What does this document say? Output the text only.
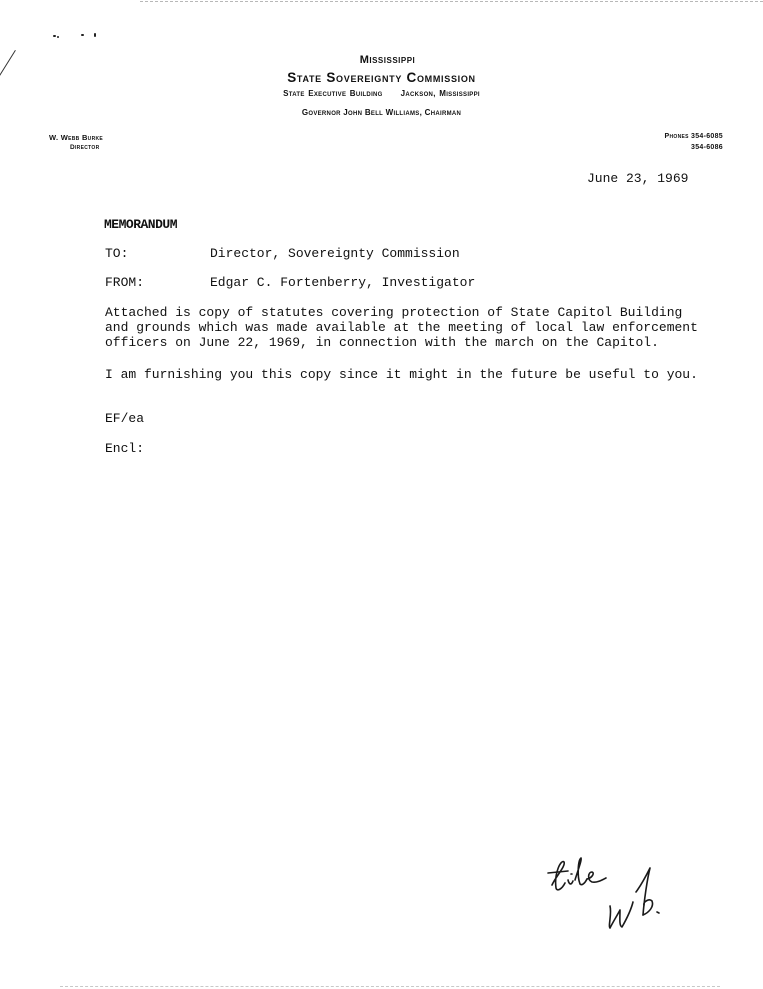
Mississippi
State Sovereignty Commission
State Executive Building Jackson, Mississippi
Governor John Bell Williams, Chairman
W. Webb Burke
Director
Phones 354-6085
354-6086
June 23, 1969
MEMORANDUM
TO:	Director, Sovereignty Commission
FROM:	Edgar C. Fortenberry, Investigator
Attached is copy of statutes covering protection of State Capitol Building
and grounds which was made available at the meeting of local law enforcement
officers on June 22, 1969, in connection with the march on the Capitol.
I am furnishing you this copy since it might in the future be useful to you.
EF/ea
Encl:
